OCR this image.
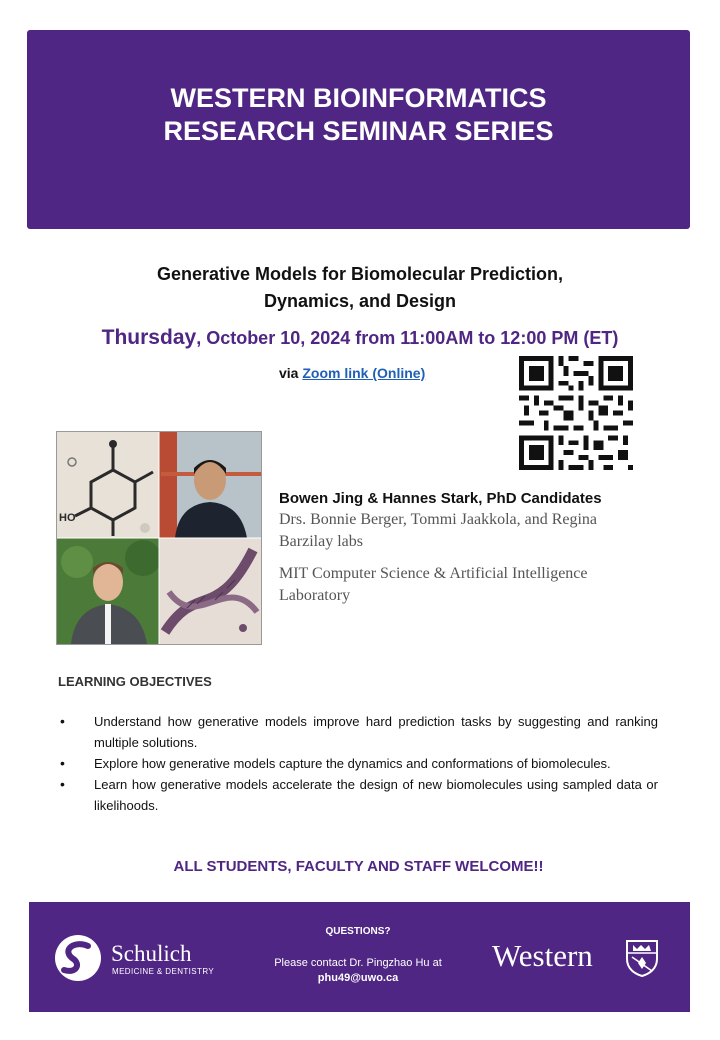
WESTERN BIOINFORMATICS
RESEARCH SEMINAR SERIES
Generative Models for Biomolecular Prediction,
Dynamics, and Design

Thursday, October 10, 2024 from 11:00AM to 12:00 PM (ET)

via Zoom link (Online)
HO

Bowen Jing & Hannes Stark, PhD Candidates

Drs. Bonnie Berger, Tommi Jaakkola, and Regina Barzilay labs

MIT Computer Science & Artificial Intelligence Laboratory

LEARNING OBJECTIVES

• Understand how generative models improve hard prediction tasks by suggesting and ranking multiple solutions.
• Explore how generative models capture the dynamics and conformations of biomolecules.
• Learn how generative models accelerate the design of new biomolecules using sampled data or likelihoods.

ALL STUDENTS, FACULTY AND STAFF WELCOME!!

Schulich

MEDICINE & DENTISTRY

QUESTIONS?

Please contact Dr. Pingzhao Hu at
phu49@uwo.ca

Western
